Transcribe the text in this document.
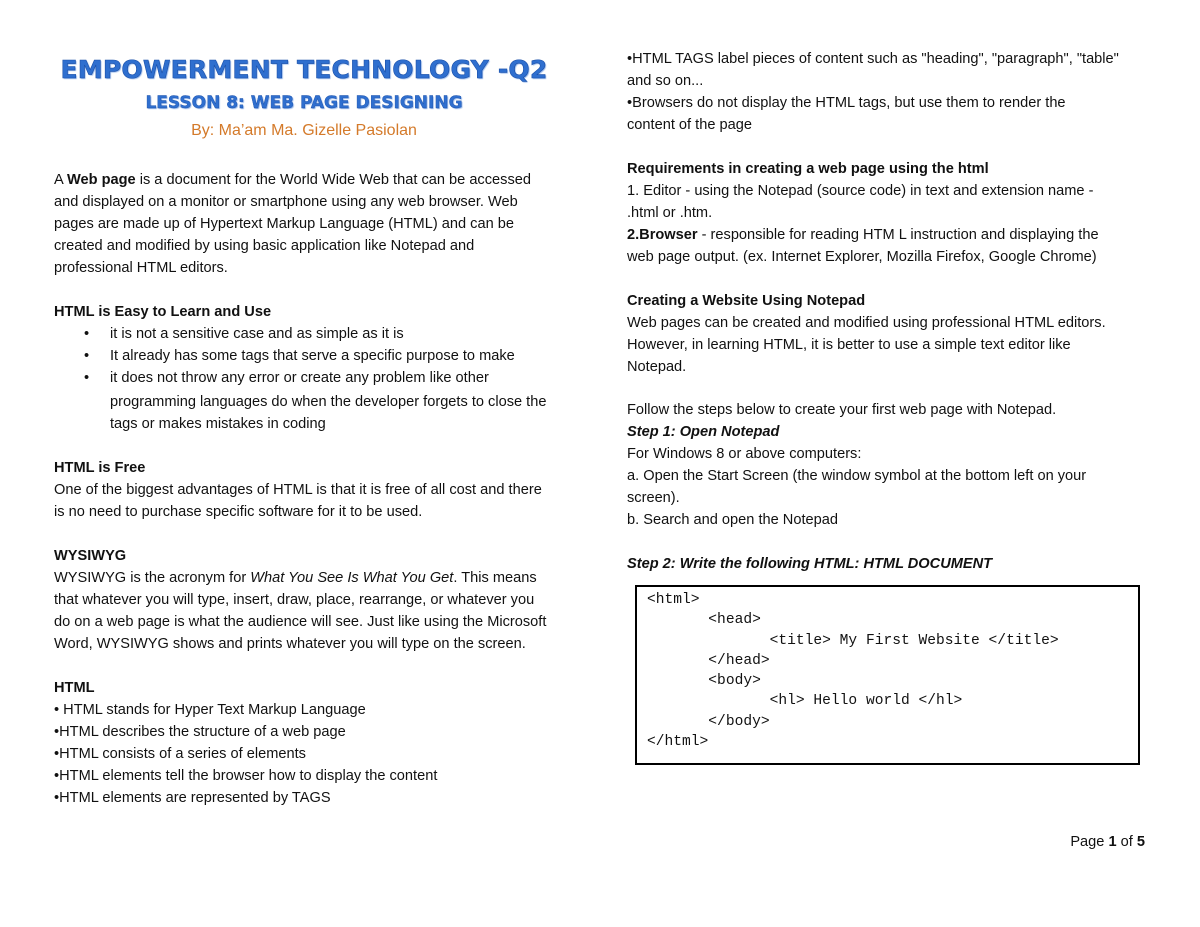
EMPOWERMENT TECHNOLOGY -Q2
LESSON 8: WEB PAGE DESIGNING

By: Ma’am Ma. Gizelle Pasiolan

A Web page is a document for the World Wide Web that can be accessed

and displayed on a monitor or smartphone using any web browser. Web

pages are made up of Hypertext Markup Language (HTML) and can be

created and modified by using basic application like Notepad and

professional HTML editors.

HTML is Easy to Learn and Use

• it is not a sensitive case and as simple as it is
• It already has some tags that serve a specific purpose to make
• it does not throw any error or create any problem like other

programming languages do when the developer forgets to close the

tags or makes mistakes in coding

HTML is Free

One of the biggest advantages of HTML is that it is free of all cost and there

is no need to purchase specific software for it to be used.

WYSIWYG

WYSIWYG is the acronym for What You See Is What You Get. This means

that whatever you will type, insert, draw, place, rearrange, or whatever you

do on a web page is what the audience will see. Just like using the Microsoft

Word, WYSIWYG shows and prints whatever you will type on the screen.

HTML

• HTML stands for Hyper Text Markup Language

•HTML describes the structure of a web page

•HTML consists of a series of elements

•HTML elements tell the browser how to display the content

•HTML elements are represented by TAGS

•HTML TAGS label pieces of content such as "heading", "paragraph", "table"

and so on...

•Browsers do not display the HTML tags, but use them to render the

content of the page

Requirements in creating a web page using the html

1. Editor - using the Notepad (source code) in text and extension name -

.html or .htm.

2.Browser - responsible for reading HTM L instruction and displaying the

web page output. (ex. Internet Explorer, Mozilla Firefox, Google Chrome)

Creating a Website Using Notepad

Web pages can be created and modified using professional HTML editors.

However, in learning HTML, it is better to use a simple text editor like

Notepad.

Follow the steps below to create your first web page with Notepad.

Step 1: Open Notepad

For Windows 8 or above computers:

a. Open the Start Screen (the window symbol at the bottom left on your

screen).

b. Search and open the Notepad

Step 2: Write the following HTML: HTML DOCUMENT

<html>
<head>
<title> My First Website </title>
</head>
<body>
<hl> Hello world </hl>
</body>
</html>

Page 1 of 5
